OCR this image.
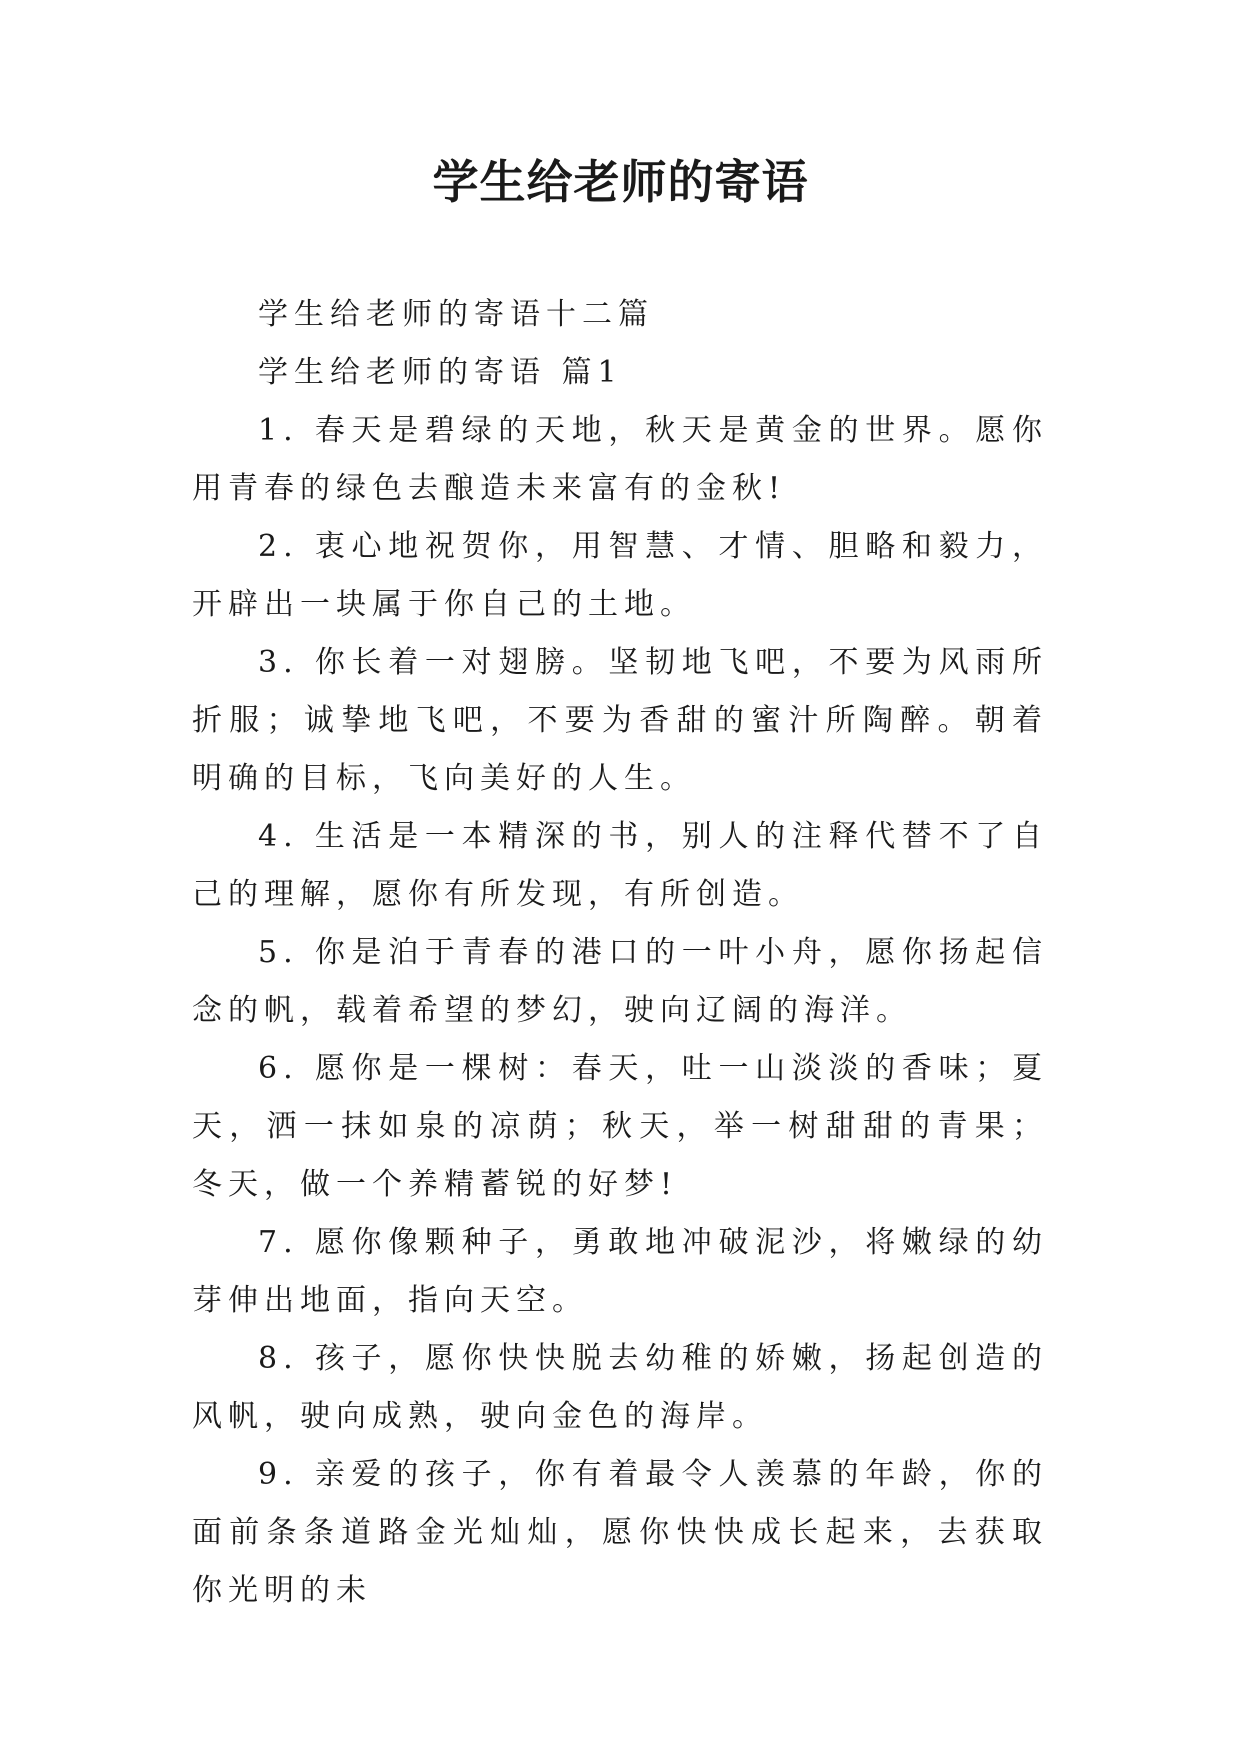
学生给老师的寄语

学生给老师的寄语十二篇

学生给老师的寄语 篇1

1. 春天是碧绿的天地，秋天是黄金的世界。愿你用青春的绿色去酿造未来富有的金秋!

2. 衷心地祝贺你，用智慧、才情、胆略和毅力，开辟出一块属于你自己的土地。

3. 你长着一对翅膀。坚韧地飞吧，不要为风雨所折服；诚挚地飞吧，不要为香甜的蜜汁所陶醉。朝着明确的目标，飞向美好的人生。

4. 生活是一本精深的书，别人的注释代替不了自己的理解，愿你有所发现，有所创造。

5. 你是泊于青春的港口的一叶小舟，愿你扬起信念的帆，载着希望的梦幻，驶向辽阔的海洋。

6. 愿你是一棵树：春天，吐一山淡淡的香味；夏天，洒一抹如泉的凉荫；秋天，举一树甜甜的青果；冬天，做一个养精蓄锐的好梦!

7. 愿你像颗种子，勇敢地冲破泥沙，将嫩绿的幼芽伸出地面，指向天空。

8. 孩子，愿你快快脱去幼稚的娇嫩，扬起创造的风帆，驶向成熟，驶向金色的海岸。

9. 亲爱的孩子，你有着最令人羡慕的年龄，你的面前条条道路金光灿灿，愿你快快成长起来，去获取你光明的未
